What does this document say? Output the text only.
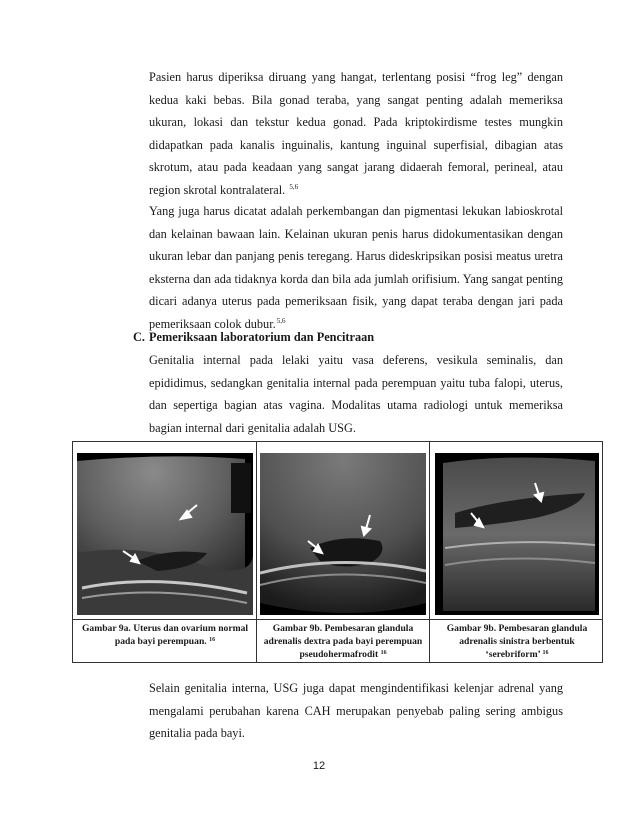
Pasien harus diperiksa diruang yang hangat, terlentang posisi “frog leg” dengan kedua kaki bebas. Bila gonad teraba, yang sangat penting adalah memeriksa ukuran, lokasi dan tekstur kedua gonad. Pada kriptokirdisme testes mungkin didapatkan pada kanalis inguinalis, kantung inguinal superfisial, dibagian atas skrotum, atau pada keadaan yang sangat jarang didaerah femoral, perineal, atau region skrotal kontralateral. $^{5,6}$
Yang juga harus dicatat adalah perkembangan dan pigmentasi lekukan labioskrotal dan kelainan bawaan lain. Kelainan ukuran penis harus didokumentasikan dengan ukuran lebar dan panjang penis teregang. Harus dideskripsikan posisi meatus uretra eksterna dan ada tidaknya korda dan bila ada jumlah orifisium. Yang sangat penting dicari adanya uterus pada pemeriksaan fisik, yang dapat teraba dengan jari pada pemeriksaan colok dubur.$^{5,6}$
C. Pemeriksaan laboratorium dan Pencitraan
Genitalia internal pada lelaki yaitu vasa deferens, vesikula seminalis, dan epididimus, sedangkan genitalia internal pada perempuan yaitu tuba falopi, uterus, dan sepertiga bagian atas vagina. Modalitas utama radiologi untuk memeriksa bagian internal dari genitalia adalah USG.
Gambar 9a. Uterus dan ovarium normal pada bayi perempuan. $^{16}$
Gambar 9b. Pembesaran glandula adrenalis dextra pada bayi perempuan pseudohermafrodit $^{16}$
Gambar 9b. Pembesaran glandula adrenalis sinistra berbentuk ‘serebriform’ $^{16}$
Selain genitalia interna, USG juga dapat mengindentifikasi kelenjar adrenal yang mengalami perubahan karena CAH merupakan penyebab paling sering ambigus genitalia pada bayi.
12
